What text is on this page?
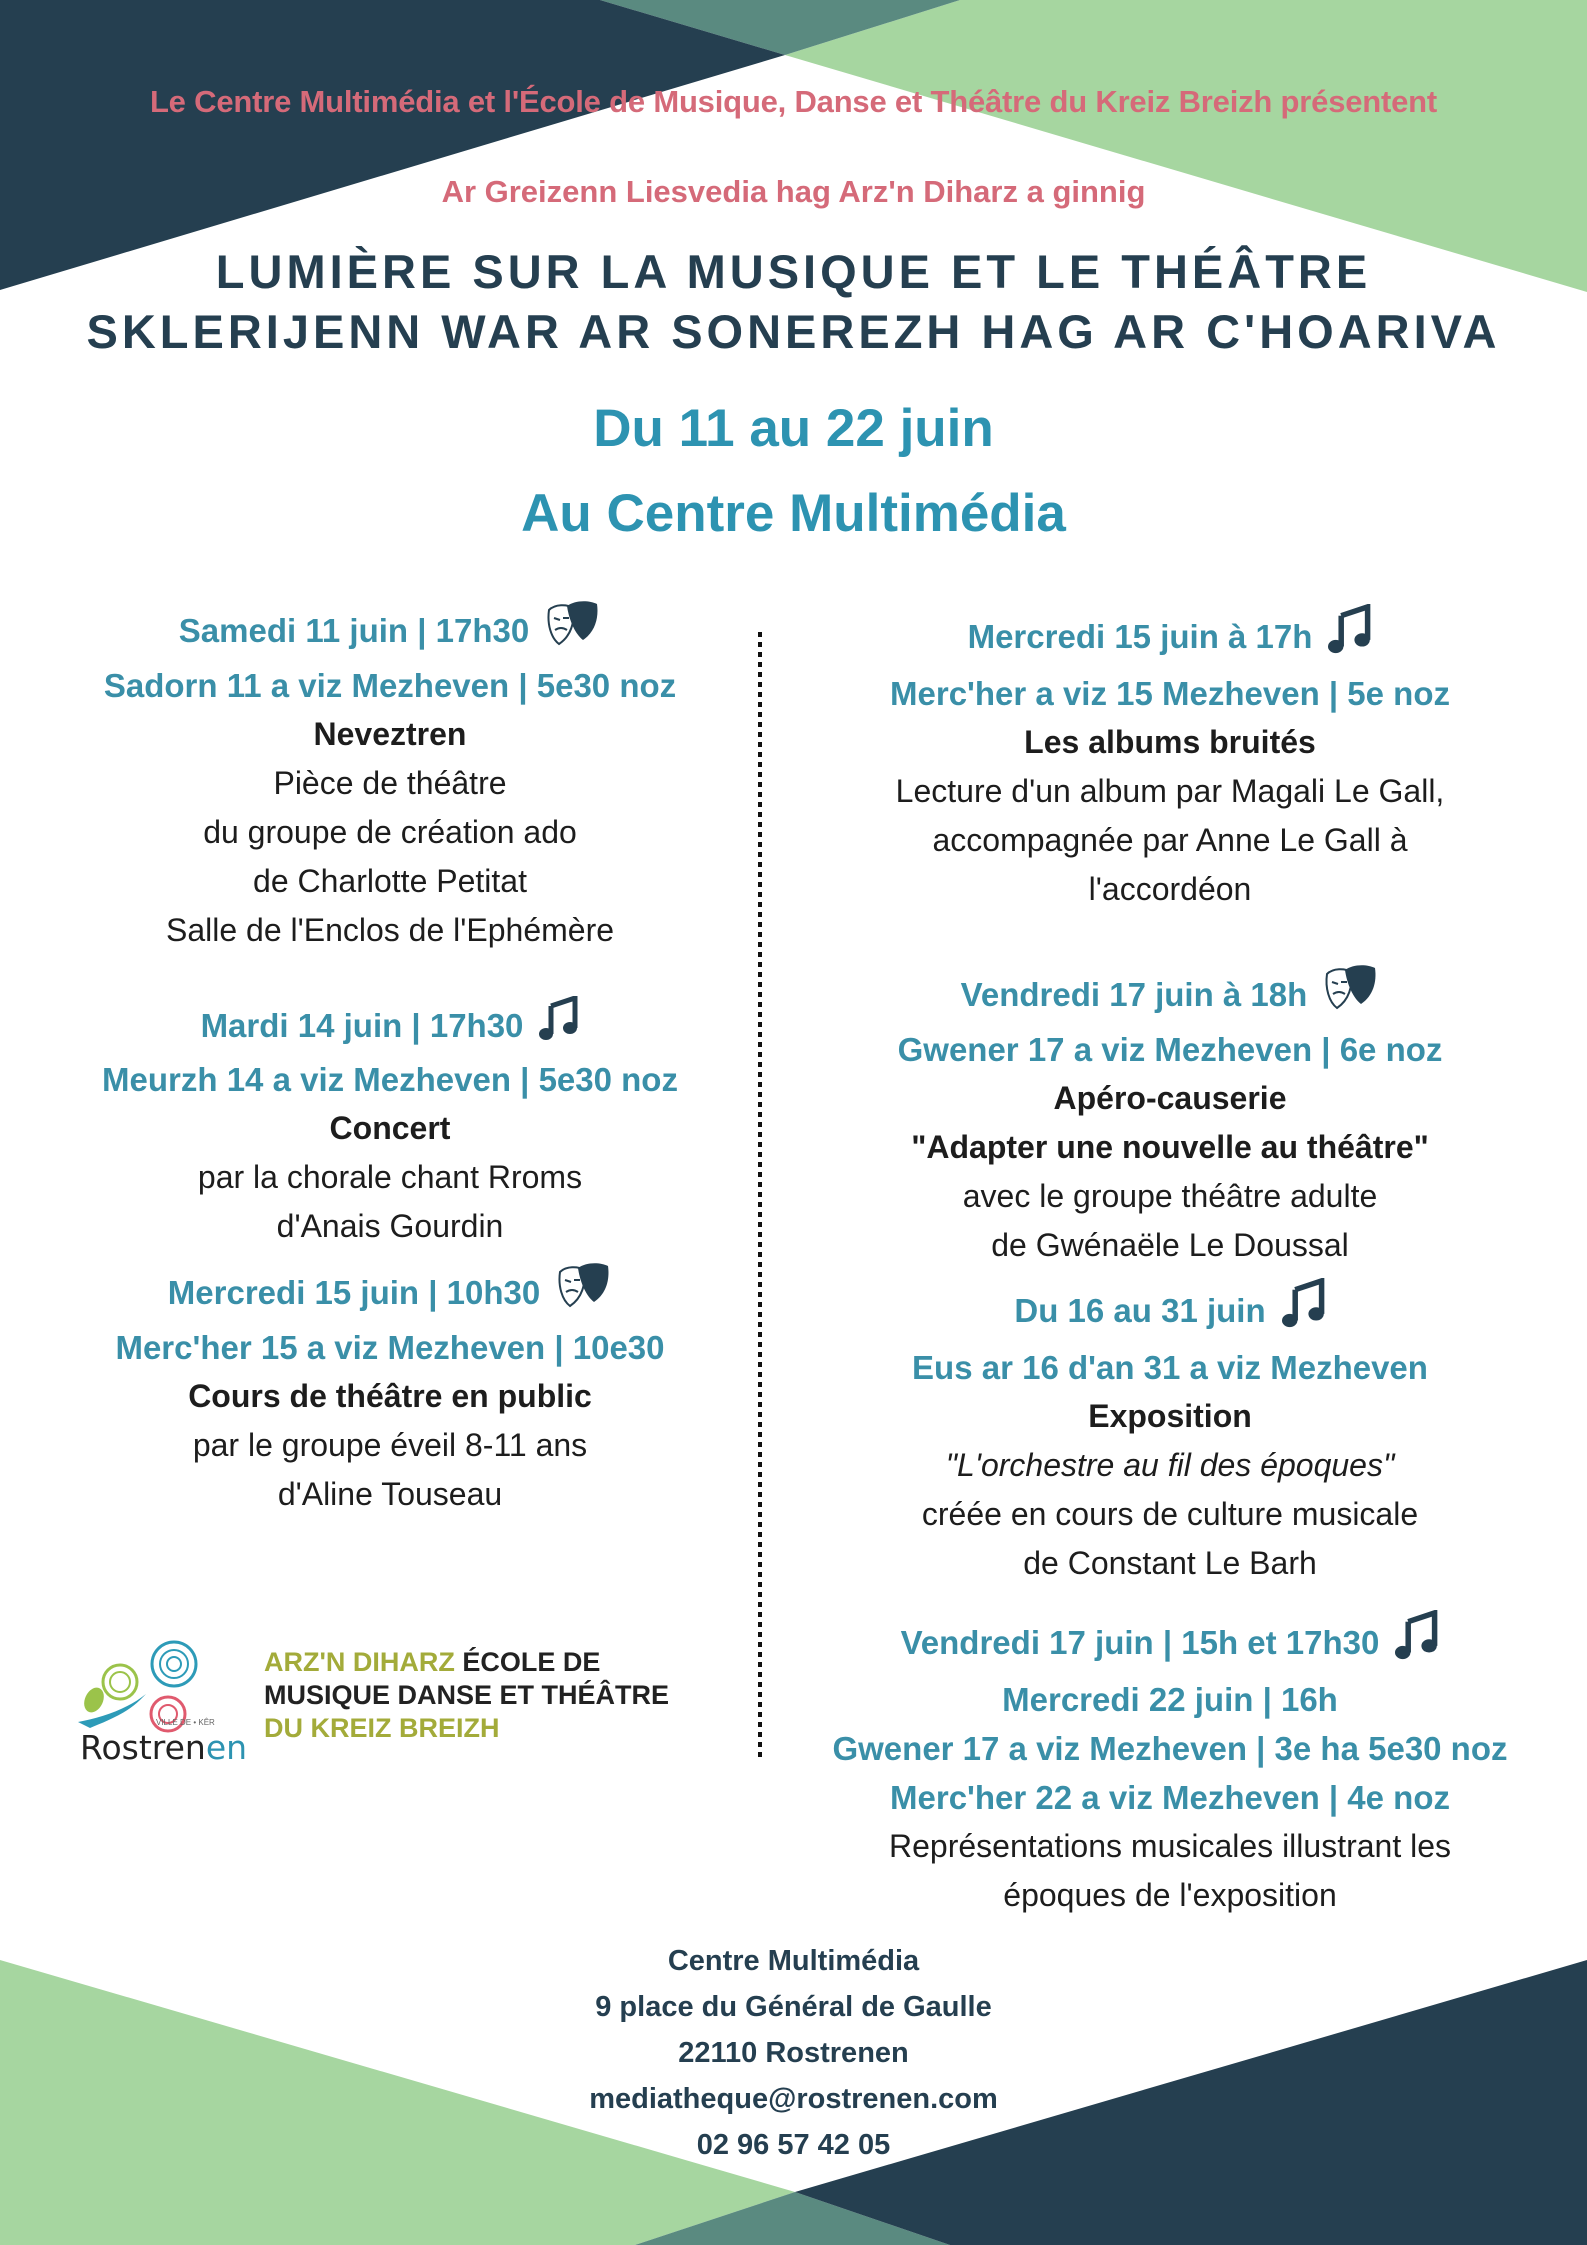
Le Centre Multimédia et l'École de Musique, Danse et Théâtre du Kreiz Breizh présentent
Ar Greizenn Liesvedia hag Arz'n Diharz a ginnig
LUMIÈRE SUR LA MUSIQUE ET LE THÉÂTRE
SKLERIJENN WAR AR SONEREZH HAG AR C'HOARIVA
Du 11 au 22 juin
Au Centre Multimédia
Samedi 11 juin | 17h30
Sadorn 11 a viz Mezheven | 5e30 noz
Neveztren
Pièce de théâtre
du groupe de création ado
de Charlotte Petitat
Salle de l'Enclos de l'Ephémère
Mardi 14 juin | 17h30
Meurzh 14 a viz Mezheven | 5e30 noz
Concert
par la chorale chant Rroms
d'Anais Gourdin
Mercredi 15 juin | 10h30
Merc'her 15 a viz Mezheven | 10e30
Cours de théâtre en public
par le groupe éveil 8-11 ans
d'Aline Touseau
VILLE DE • KÊR
Rostrenen
ARZ'N DIHARZ ÉCOLE DE
MUSIQUE DANSE ET THÉÂTRE
DU KREIZ BREIZH
Mercredi 15 juin à 17h
Merc'her a viz 15 Mezheven | 5e noz
Les albums bruités
Lecture d'un album par Magali Le Gall,
accompagnée par Anne Le Gall à
l'accordéon
Vendredi 17 juin à 18h
Gwener 17 a viz Mezheven | 6e noz
Apéro-causerie
"Adapter une nouvelle au théâtre"
avec le groupe théâtre adulte
de Gwénaële Le Doussal
Du 16 au 31 juin
Eus ar 16 d'an 31 a viz Mezheven
Exposition
"L'orchestre au fil des époques"
créée en cours de culture musicale
de Constant Le Barh
Vendredi 17 juin | 15h et 17h30
Mercredi 22 juin | 16h
Gwener 17 a viz Mezheven | 3e ha 5e30 noz
Merc'her 22 a viz Mezheven | 4e noz
Représentations musicales illustrant les
époques de l'exposition
Centre Multimédia
9 place du Général de Gaulle
22110 Rostrenen
mediatheque@rostrenen.com
02 96 57 42 05
